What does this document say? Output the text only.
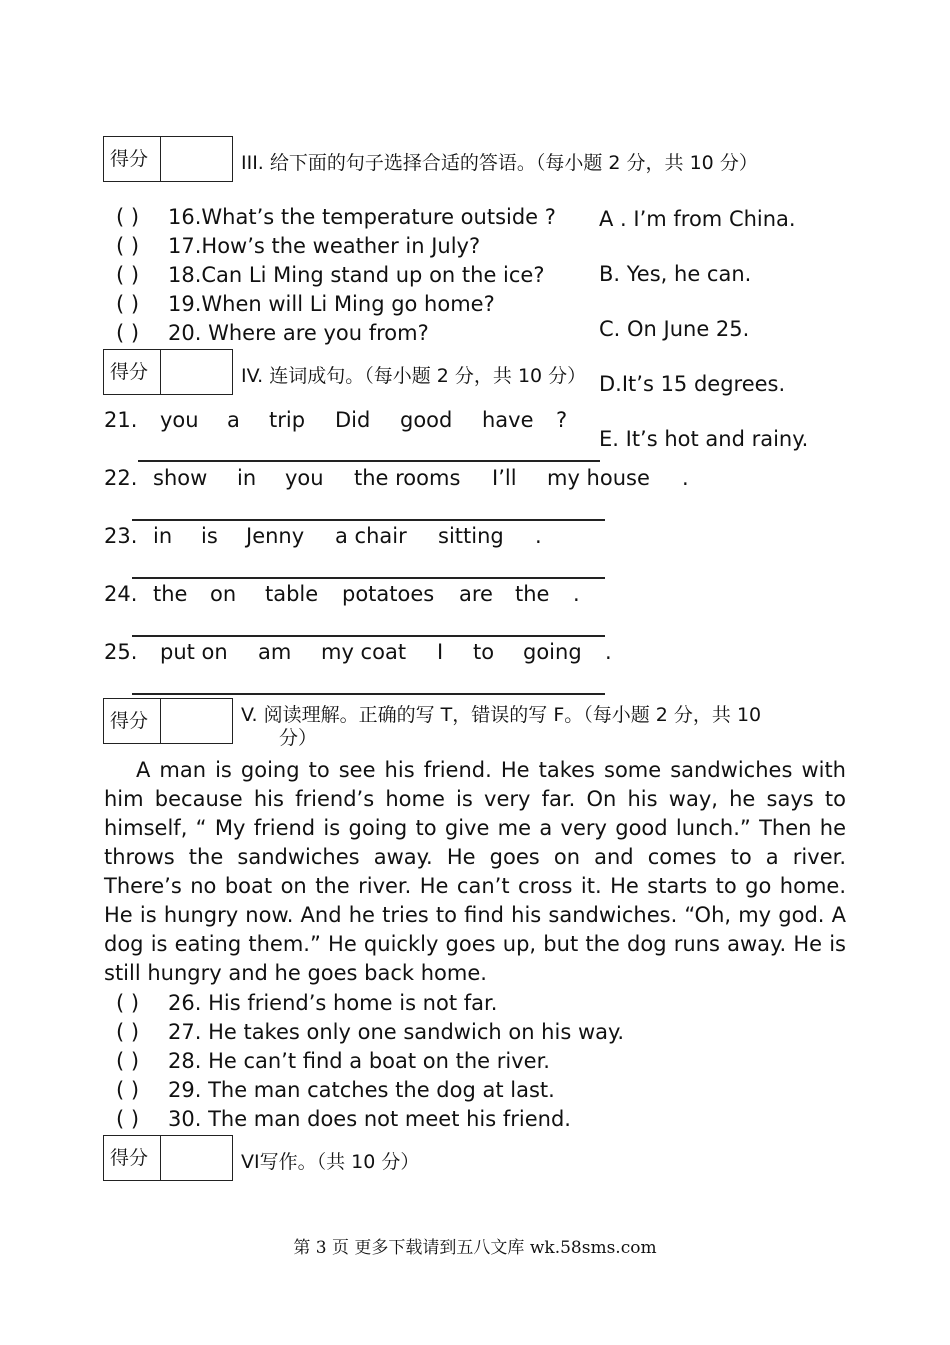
得分	III. 给下面的句子选择合适的答语。（每小题 2 分，共 10 分）
( ) 16.What’s the temperature outside ?
( ) 17.How’s the weather in July?
( ) 18.Can Li Ming stand up on the ice?
( ) 19.When will Li Ming go home?
( ) 20. Where are you from?
A . I’m from China.
B. Yes, he can.
C. On June 25.
D.It’s 15 degrees.
E. It’s hot and rainy.
得分	IV. 连词成句。（每小题 2 分，共 10 分）
21. you a trip Did good have ?
22. show in you the rooms I’ll my house .
23. in is Jenny a chair sitting .
24. the on table potatoes are the .
25. put on am my coat I to going .
得分	V. 阅读理解。正确的写 T，错误的写 F。（每小题 2 分，共 10
分）
A man is going to see his friend. He takes some sandwiches with him because his friend’s home is very far. On his way, he says to himself, “ My friend is going to give me a very good lunch.” Then he throws the sandwiches away. He goes on and comes to a river. There’s no boat on the river. He can’t cross it. He starts to go home. He is hungry now. And he tries to find his sandwiches. “Oh, my god. A dog is eating them.” He quickly goes up, but the dog runs away. He is still hungry and he goes back home.
( ) 26. His friend’s home is not far.
( ) 27. He takes only one sandwich on his way.
( ) 28. He can’t find a boat on the river.
( ) 29. The man catches the dog at last.
( ) 30. The man does not meet his friend.
得分	VI写作。（共 10 分）
第 3 页 更多下载请到五八文库 wk.58sms.com
